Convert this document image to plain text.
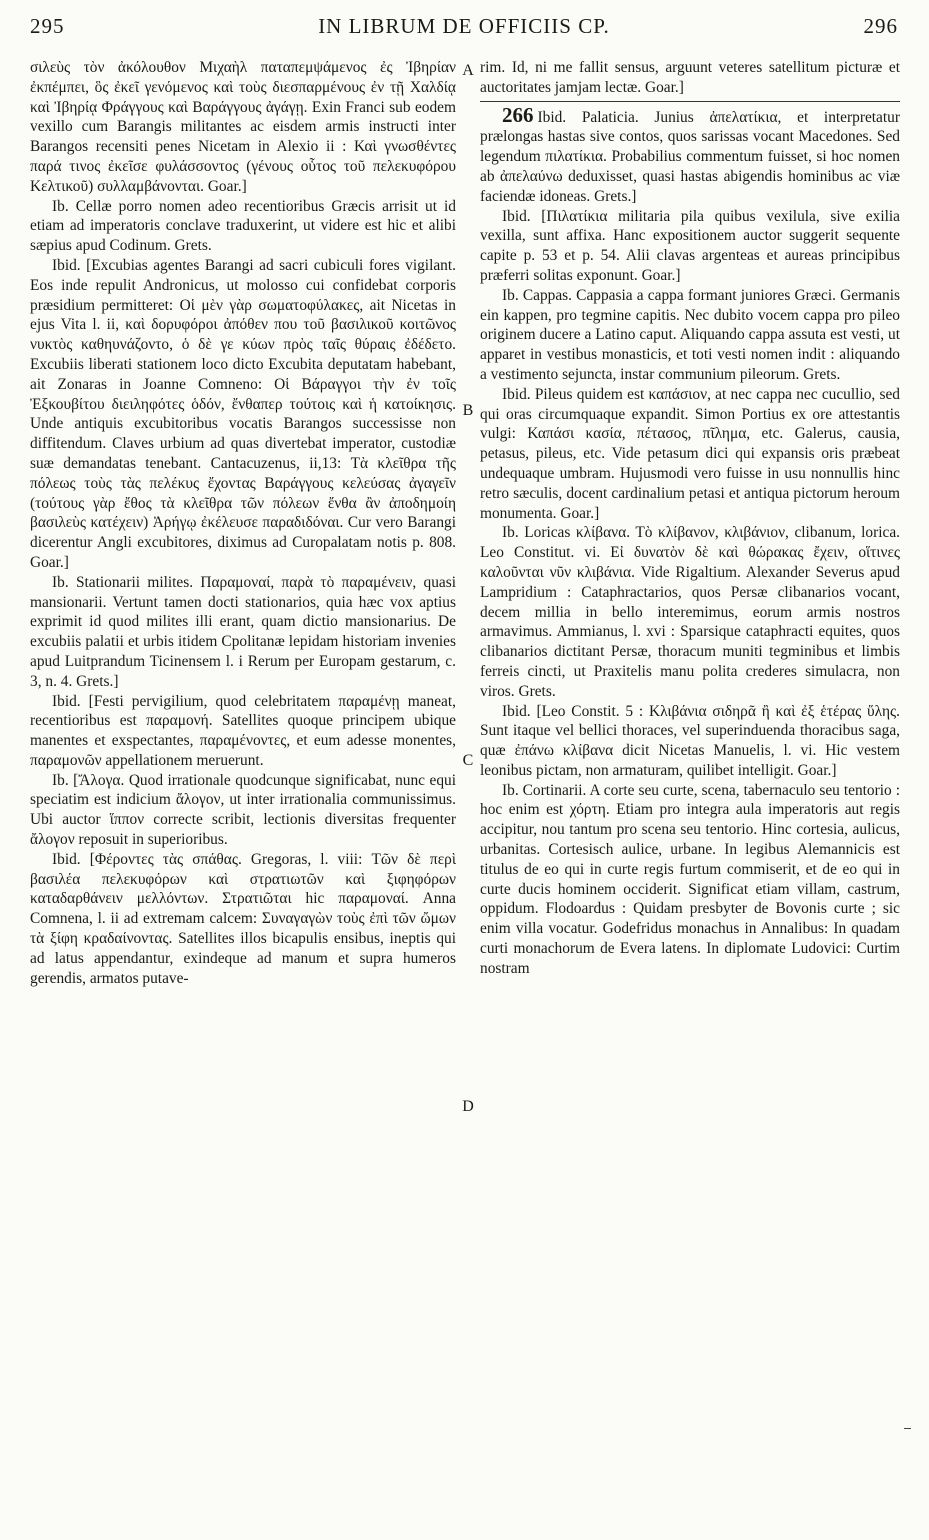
295	IN LIBRUM DE OFFICIIS CP.	296
A
B
C
D

σιλεὺς τὸν ἀκόλουθον Μιχαὴλ παταπεμψάμενος ἐς Ἰβηρίαν ἐκπέμπει, ὃς ἐκεῖ γενόμενος καὶ τοὺς διεσπαρμένους ἐν τῇ Χαλδίᾳ καὶ Ἰβηρίᾳ Φράγγους καὶ Βαράγγους ἀγάγῃ. Exin Franci sub eodem vexillo cum Barangis militantes ac eisdem armis instructi inter Barangos recensiti penes Nicetam in Alexio ii : Καὶ γνωσθέντες παρά τινος ἐκεῖσε φυλάσσοντος (γένους οὗτος τοῦ πελεκυφόρου Κελτικοῦ) συλλαμβάνονται. Goar.]

Ib. Cellæ porro nomen adeo recentioribus Græcis arrisit ut id etiam ad imperatoris conclave traduxerint, ut videre est hic et alibi sæpius apud Codinum. Grets.

Ibid. [Excubias agentes Barangi ad sacri cubiculi fores vigilant. Eos inde repulit Andronicus, ut molosso cui confidebat corporis præsidium permitteret: Οἱ μὲν γὰρ σωματοφύλακες, ait Nicetas in ejus Vita l. ii, καὶ δορυφόροι ἀπόθεν που τοῦ βασιλικοῦ κοιτῶνος νυκτὸς καθηυνάζοντο, ὁ δὲ γε κύων πρὸς ταῖς θύραις ἐδέδετο. Excubiis liberati stationem loco dicto Excubita deputatam habebant, ait Zonaras in Joanne Comneno: Οἱ Βάραγγοι τὴν ἐν τοῖς Ἐξκουβίτου διειληφότες ὁδόν, ἔνθαπερ τούτοις καὶ ἡ κατοίκησις. Unde antiquis excubitoribus vocatis Barangos successisse non diffitendum. Claves urbium ad quas divertebat imperator, custodiæ suæ demandatas tenebant. Cantacuzenus, ii,13: Τὰ κλεῖθρα τῆς πόλεως τοὺς τὰς πελέκυς ἔχοντας Βαράγγους κελεύσας ἀγαγεῖν (τούτους γὰρ ἔθος τὰ κλεῖθρα τῶν πόλεων ἔνθα ἂν ἀποδημοίη βασιλεὺς κατέχειν) Ἀρήγῳ ἐκέλευσε παραδιδόναι. Cur vero Barangi dicerentur Angli excubitores, diximus ad Curopalatam notis p. 808. Goar.]

Ib. Stationarii milites. Παραμοναί, παρὰ τὸ παραμένειν, quasi mansionarii. Vertunt tamen docti stationarios, quia hæc vox aptius exprimit id quod milites illi erant, quam dictio mansionarius. De excubiis palatii et urbis itidem Cpolitanæ lepidam historiam invenies apud Luitprandum Ticinensem l. i Rerum per Europam gestarum, c. 3, n. 4. Grets.]

Ibid. [Festi pervigilium, quod celebritatem παραμένῃ maneat, recentioribus est παραμονή. Satellites quoque principem ubique manentes et exspectantes, παραμένοντες, et eum adesse monentes, παραμονῶν appellationem meruerunt.

Ib. [Ἄλογα. Quod irrationale quodcunque significabat, nunc equi speciatim est indicium ἄλογον, ut inter irrationalia communissimus. Ubi auctor ἵππον correcte scribit, lectionis diversitas frequenter ἄλογον reposuit in superioribus.

Ibid. [Φέροντες τὰς σπάθας. Gregoras, l. viii: Τῶν δὲ περὶ βασιλέα πελεκυφόρων καὶ στρατιωτῶν καὶ ξιφηφόρων καταδαρθάνειν μελλόντων. Στρατιῶται hic παραμοναί. Anna Comnena, l. ii ad extremam calcem: Συναγαγὼν τοὺς ἐπὶ τῶν ὤμων τὰ ξίφη κραδαίνοντας. Satellites illos bicapulis ensibus, ineptis qui ad latus appendantur, exindeque ad manum et supra humeros gerendis, armatos putave-

rim. Id, ni me fallit sensus, arguunt veteres satellitum picturæ et auctoritates jamjam lectæ. Goar.]

266 Ibid. Palaticia. Junius ἀπελατίκια, et interpretatur prælongas hastas sive contos, quos sarissas vocant Macedones. Sed legendum πιλατίκια. Probabilius commentum fuisset, si hoc nomen ab ἀπελαύνω deduxisset, quasi hastas abigendis hominibus ac viæ faciendæ idoneas. Grets.]

Ibid. [Πιλατίκια militaria pila quibus vexilula, sive exilia vexilla, sunt affixa. Hanc expositionem auctor suggerit sequente capite p. 53 et p. 54. Alii clavas argenteas et aureas principibus præferri solitas exponunt. Goar.]

Ib. Cappas. Cappasia a cappa formant juniores Græci. Germanis ein kappen, pro tegmine capitis. Nec dubito vocem cappa pro pileo originem ducere a Latino caput. Aliquando cappa assuta est vesti, ut apparet in vestibus monasticis, et toti vesti nomen indit : aliquando a vestimento sejuncta, instar communium pileorum. Grets.

Ibid. Pileus quidem est καπάσιον, at nec cappa nec cucullio, sed qui oras circumquaque expandit. Simon Portius ex ore attestantis vulgi: Καπάσι κασία, πέτασος, πῖλημα, etc. Galerus, causia, petasus, pileus, etc. Vide petasum dici qui expansis oris præbeat undequaque umbram. Hujusmodi vero fuisse in usu nonnullis hinc retro sæculis, docent cardinalium petasi et antiqua pictorum heroum monumenta. Goar.]

Ib. Loricas κλίβανα. Τὸ κλίβανον, κλιβάνιον, clibanum, lorica. Leo Constitut. vi. Εἰ δυνατὸν δὲ καὶ θώρακας ἔχειν, οἵτινες καλοῦνται νῦν κλιβάνια. Vide Rigaltium. Alexander Severus apud Lampridium : Cataphractarios, quos Persæ clibanarios vocant, decem millia in bello interemimus, eorum armis nostros armavimus. Ammianus, l. xvi : Sparsique cataphracti equites, quos clibanarios dictitant Persæ, thoracum muniti tegminibus et limbis ferreis cincti, ut Praxitelis manu polita crederes simulacra, non viros. Grets.

Ibid. [Leo Constit. 5 : Κλιβάνια σιδηρᾶ ἢ καὶ ἐξ ἑτέρας ὕλης. Sunt itaque vel bellici thoraces, vel superinduenda thoracibus saga, quæ ἐπάνω κλίβανα dicit Nicetas Manuelis, l. vi. Hic vestem leonibus pictam, non armaturam, quilibet intelligit. Goar.]

Ib. Cortinarii. A corte seu curte, scena, tabernaculo seu tentorio : hoc enim est χόρτη. Etiam pro integra aula imperatoris aut regis accipitur, nou tantum pro scena seu tentorio. Hinc cortesia, aulicus, urbanitas. Cortesisch aulice, urbane. In legibus Alemannicis est titulus de eo qui in curte regis furtum commiserit, et de eo qui in curte ducis hominem occiderit. Significat etiam villam, castrum, oppidum. Flodoardus : Quidam presbyter de Bovonis curte ; sic enim villa vocatur. Godefridus monachus in Annalibus: In quadam curti monachorum de Evera latens. In diplomate Ludovici: Curtim nostram
